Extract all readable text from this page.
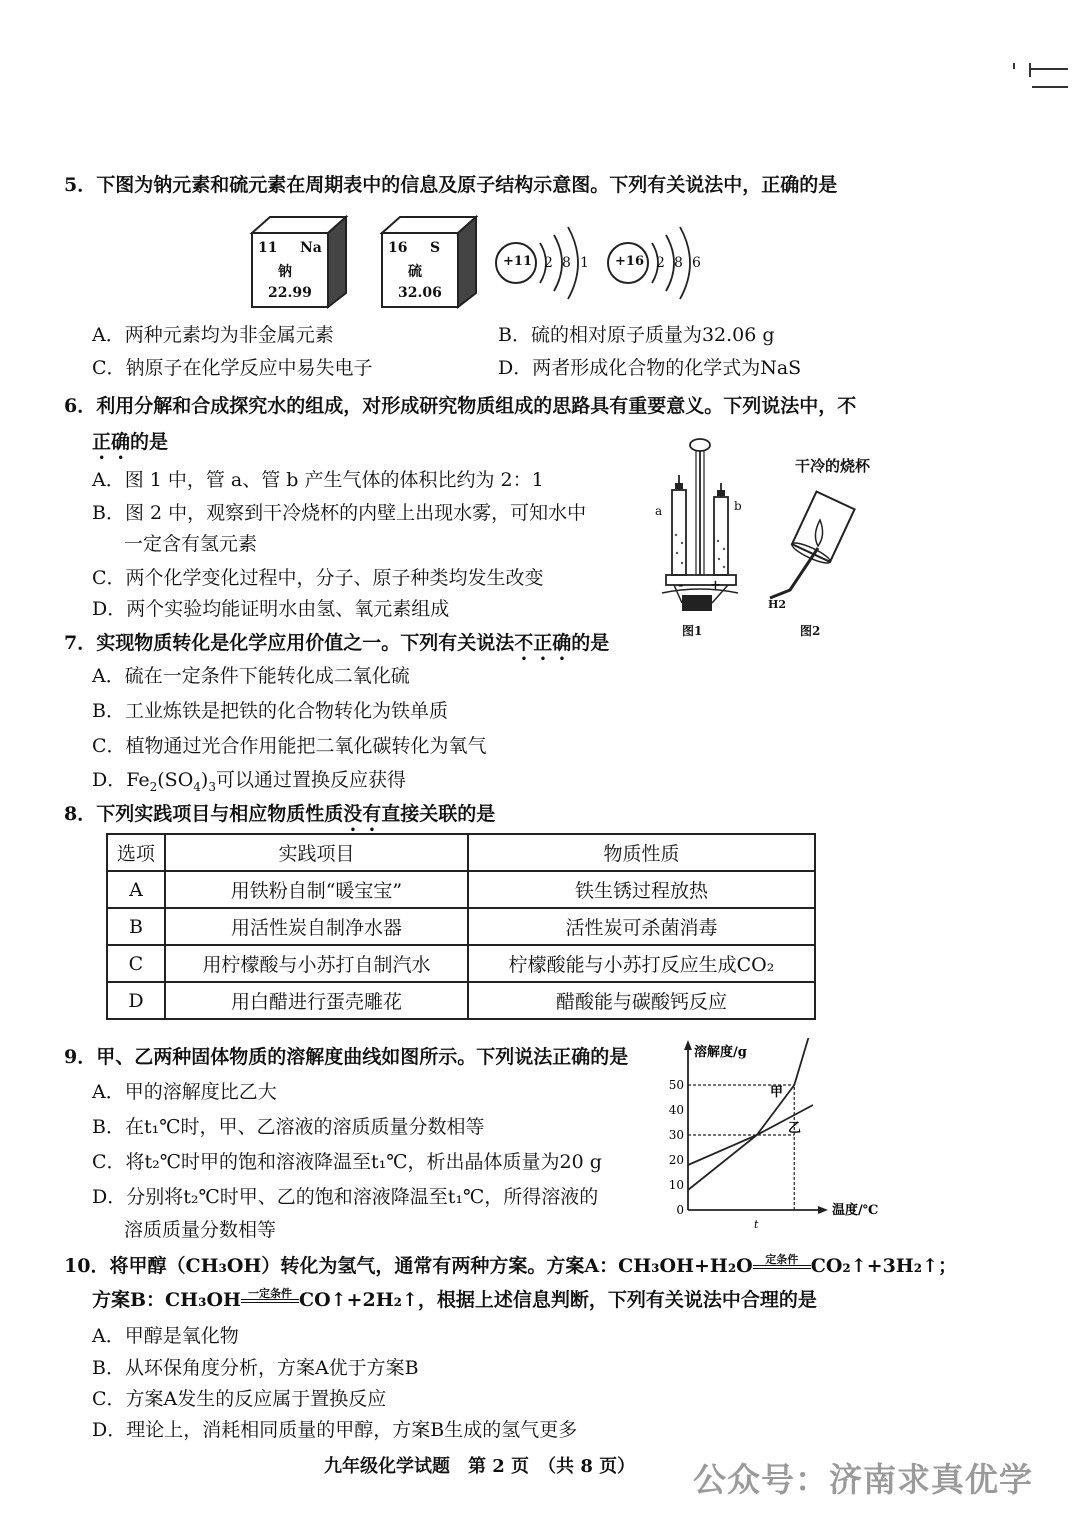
5．下图为钠元素和硫元素在周期表中的信息及原子结构示意图。下列有关说法中，正确的是
11 Na
钠
22.99
16 S
硫
32.06
+11 2 8 1 +16 2 8 6
A．两种元素均为非金属元素	B．硫的相对原子质量为32.06 g
C．钠原子在化学反应中易失电子	D．两者形成化合物的化学式为NaS
6．利用分解和合成探究水的组成，对形成研究物质组成的思路具有重要意义。下列说法中，不
正确的是
A．图 1 中，管 a、管 b 产生气体的体积比约为 2：1
B．图 2 中，观察到干冷烧杯的内壁上出现水雾，可知水中
一定含有氢元素
C．两个化学变化过程中，分子、原子种类均发生改变
D．两个实验均能证明水由氢、氧元素组成
a	b
- +
图1
干冷的烧杯
H2
图2
7．实现物质转化是化学应用价值之一。下列有关说法不正确的是
A．硫在一定条件下能转化成二氧化硫
B．工业炼铁是把铁的化合物转化为铁单质
C．植物通过光合作用能把二氧化碳转化为氧气
D．$Fe_2(SO_4)_3$可以通过置换反应获得
8．下列实践项目与相应物质性质没有直接关联的是
选项	实践项目	物质性质
A	用铁粉自制“暖宝宝”	铁生锈过程放热
B	用活性炭自制净水器	活性炭可杀菌消毒
C	用柠檬酸与小苏打自制汽水	柠檬酸能与小苏打反应生成CO₂
D	用白醋进行蛋壳雕花	醋酸能与碳酸钙反应
9．甲、乙两种固体物质的溶解度曲线如图所示。下列说法正确的是
A．甲的溶解度比乙大
B．在t₁℃时，甲、乙溶液的溶质质量分数相等
C．将t₂℃时甲的饱和溶液降温至t₁℃，析出晶体质量为20 g
D．分别将t₂℃时甲、乙的饱和溶液降温至t₁℃，所得溶液的
溶质质量分数相等
0
10
20
30
40
50
溶解度/g
温度/℃
t
甲
乙
10．将甲醇（CH₃OH）转化为氢气，通常有两种方案。方案A：CH₃OH+H₂O	定条件
CO₂↑+3H₂↑；
方案B：CH₃OH 一定条件
CO↑+2H₂↑，根据上述信息判断，下列有关说法中合理的是
A．甲醇是氧化物
B．从环保角度分析，方案A优于方案B
C．方案A发生的反应属于置换反应
D．理论上，消耗相同质量的甲醇，方案B生成的氢气更多
九年级化学试题　第 2 页　（共 8 页） 公众号：济南求真优学
